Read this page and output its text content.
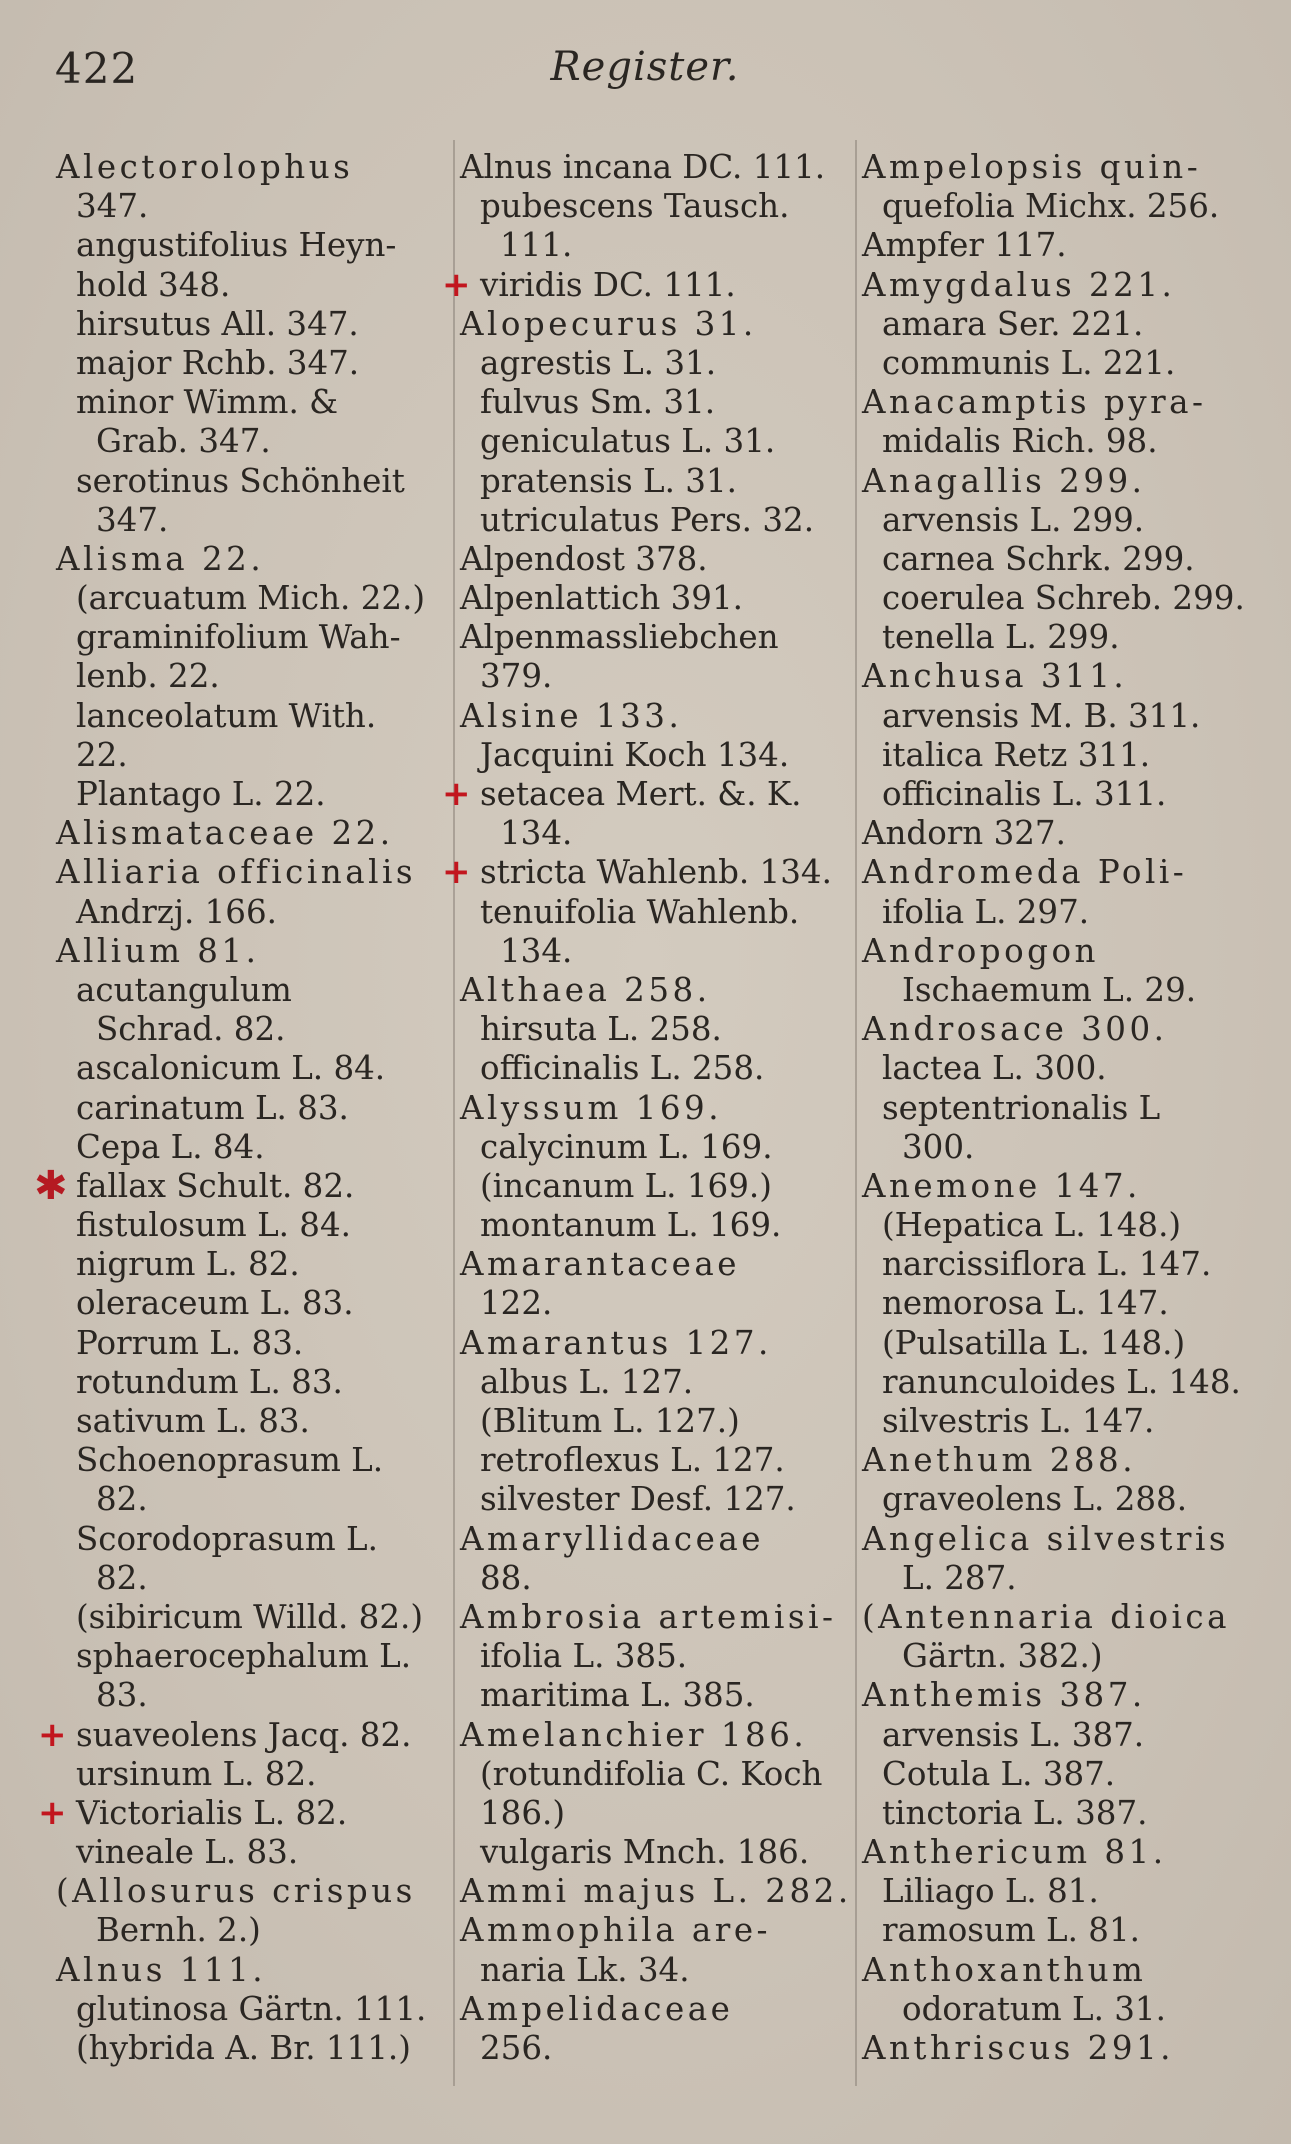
422	Register.
Alectorolophus
347.
angustifolius Heyn-
hold 348.
hirsutus All. 347.
major Rchb. 347.
minor Wimm. &
Grab. 347.
serotinus Schönheit
347.
Alisma 22.
(arcuatum Mich. 22.)
graminifolium Wah-
lenb. 22.
lanceolatum With.
22.
Plantago L. 22.
Alismataceae 22.
Alliaria officinalis
Andrzj. 166.
Allium 81.
acutangulum
Schrad. 82.
ascalonicum L. 84.
carinatum L. 83.
Cepa L. 84.
✱ fallax Schult. 82.
fistulosum L. 84.
nigrum L. 82.
oleraceum L. 83.
Porrum L. 83.
rotundum L. 83.
sativum L. 83.
Schoenoprasum L.
82.
Scorodoprasum L.
82.
(sibiricum Willd. 82.)
sphaerocephalum L.
83.
+ suaveolens Jacq. 82.
ursinum L. 82.
+ Victorialis L. 82.
vineale L. 83.
(Allosurus crispus
Bernh. 2.)
Alnus 111.
glutinosa Gärtn. 111.
(hybrida A. Br. 111.)
Alnus incana DC. 111.
pubescens Tausch.
111.
+ viridis DC. 111.
Alopecurus 31.
agrestis L. 31.
fulvus Sm. 31.
geniculatus L. 31.
pratensis L. 31.
utriculatus Pers. 32.
Alpendost 378.
Alpenlattich 391.
Alpenmassliebchen
379.
Alsine 133.
Jacquini Koch 134.
+ setacea Mert. &. K.
134.
+ stricta Wahlenb. 134.
tenuifolia Wahlenb.
134.
Althaea 258.
hirsuta L. 258.
officinalis L. 258.
Alyssum 169.
calycinum L. 169.
(incanum L. 169.)
montanum L. 169.
Amarantaceae
122.
Amarantus 127.
albus L. 127.
(Blitum L. 127.)
retroflexus L. 127.
silvester Desf. 127.
Amaryllidaceae
88.
Ambrosia artemisi-
ifolia L. 385.
maritima L. 385.
Amelanchier 186.
(rotundifolia C. Koch
186.)
vulgaris Mnch. 186.
Ammi majus L. 282.
Ammophila are-
naria Lk. 34.
Ampelidaceae
256.
Ampelopsis quin-
quefolia Michx. 256.
Ampfer 117.
Amygdalus 221.
amara Ser. 221.
communis L. 221.
Anacamptis pyra-
midalis Rich. 98.
Anagallis 299.
arvensis L. 299.
carnea Schrk. 299.
coerulea Schreb. 299.
tenella L. 299.
Anchusa 311.
arvensis M. B. 311.
italica Retz 311.
officinalis L. 311.
Andorn 327.
Andromeda Poli-
ifolia L. 297.
Andropogon
Ischaemum L. 29.
Androsace 300.
lactea L. 300.
septentrionalis L
300.
Anemone 147.
(Hepatica L. 148.)
narcissiflora L. 147.
nemorosa L. 147.
(Pulsatilla L. 148.)
ranunculoides L. 148.
silvestris L. 147.
Anethum 288.
graveolens L. 288.
Angelica silvestris
L. 287.
(Antennaria dioica
Gärtn. 382.)
Anthemis 387.
arvensis L. 387.
Cotula L. 387.
tinctoria L. 387.
Anthericum 81.
Liliago L. 81.
ramosum L. 81.
Anthoxanthum
odoratum L. 31.
Anthriscus 291.
